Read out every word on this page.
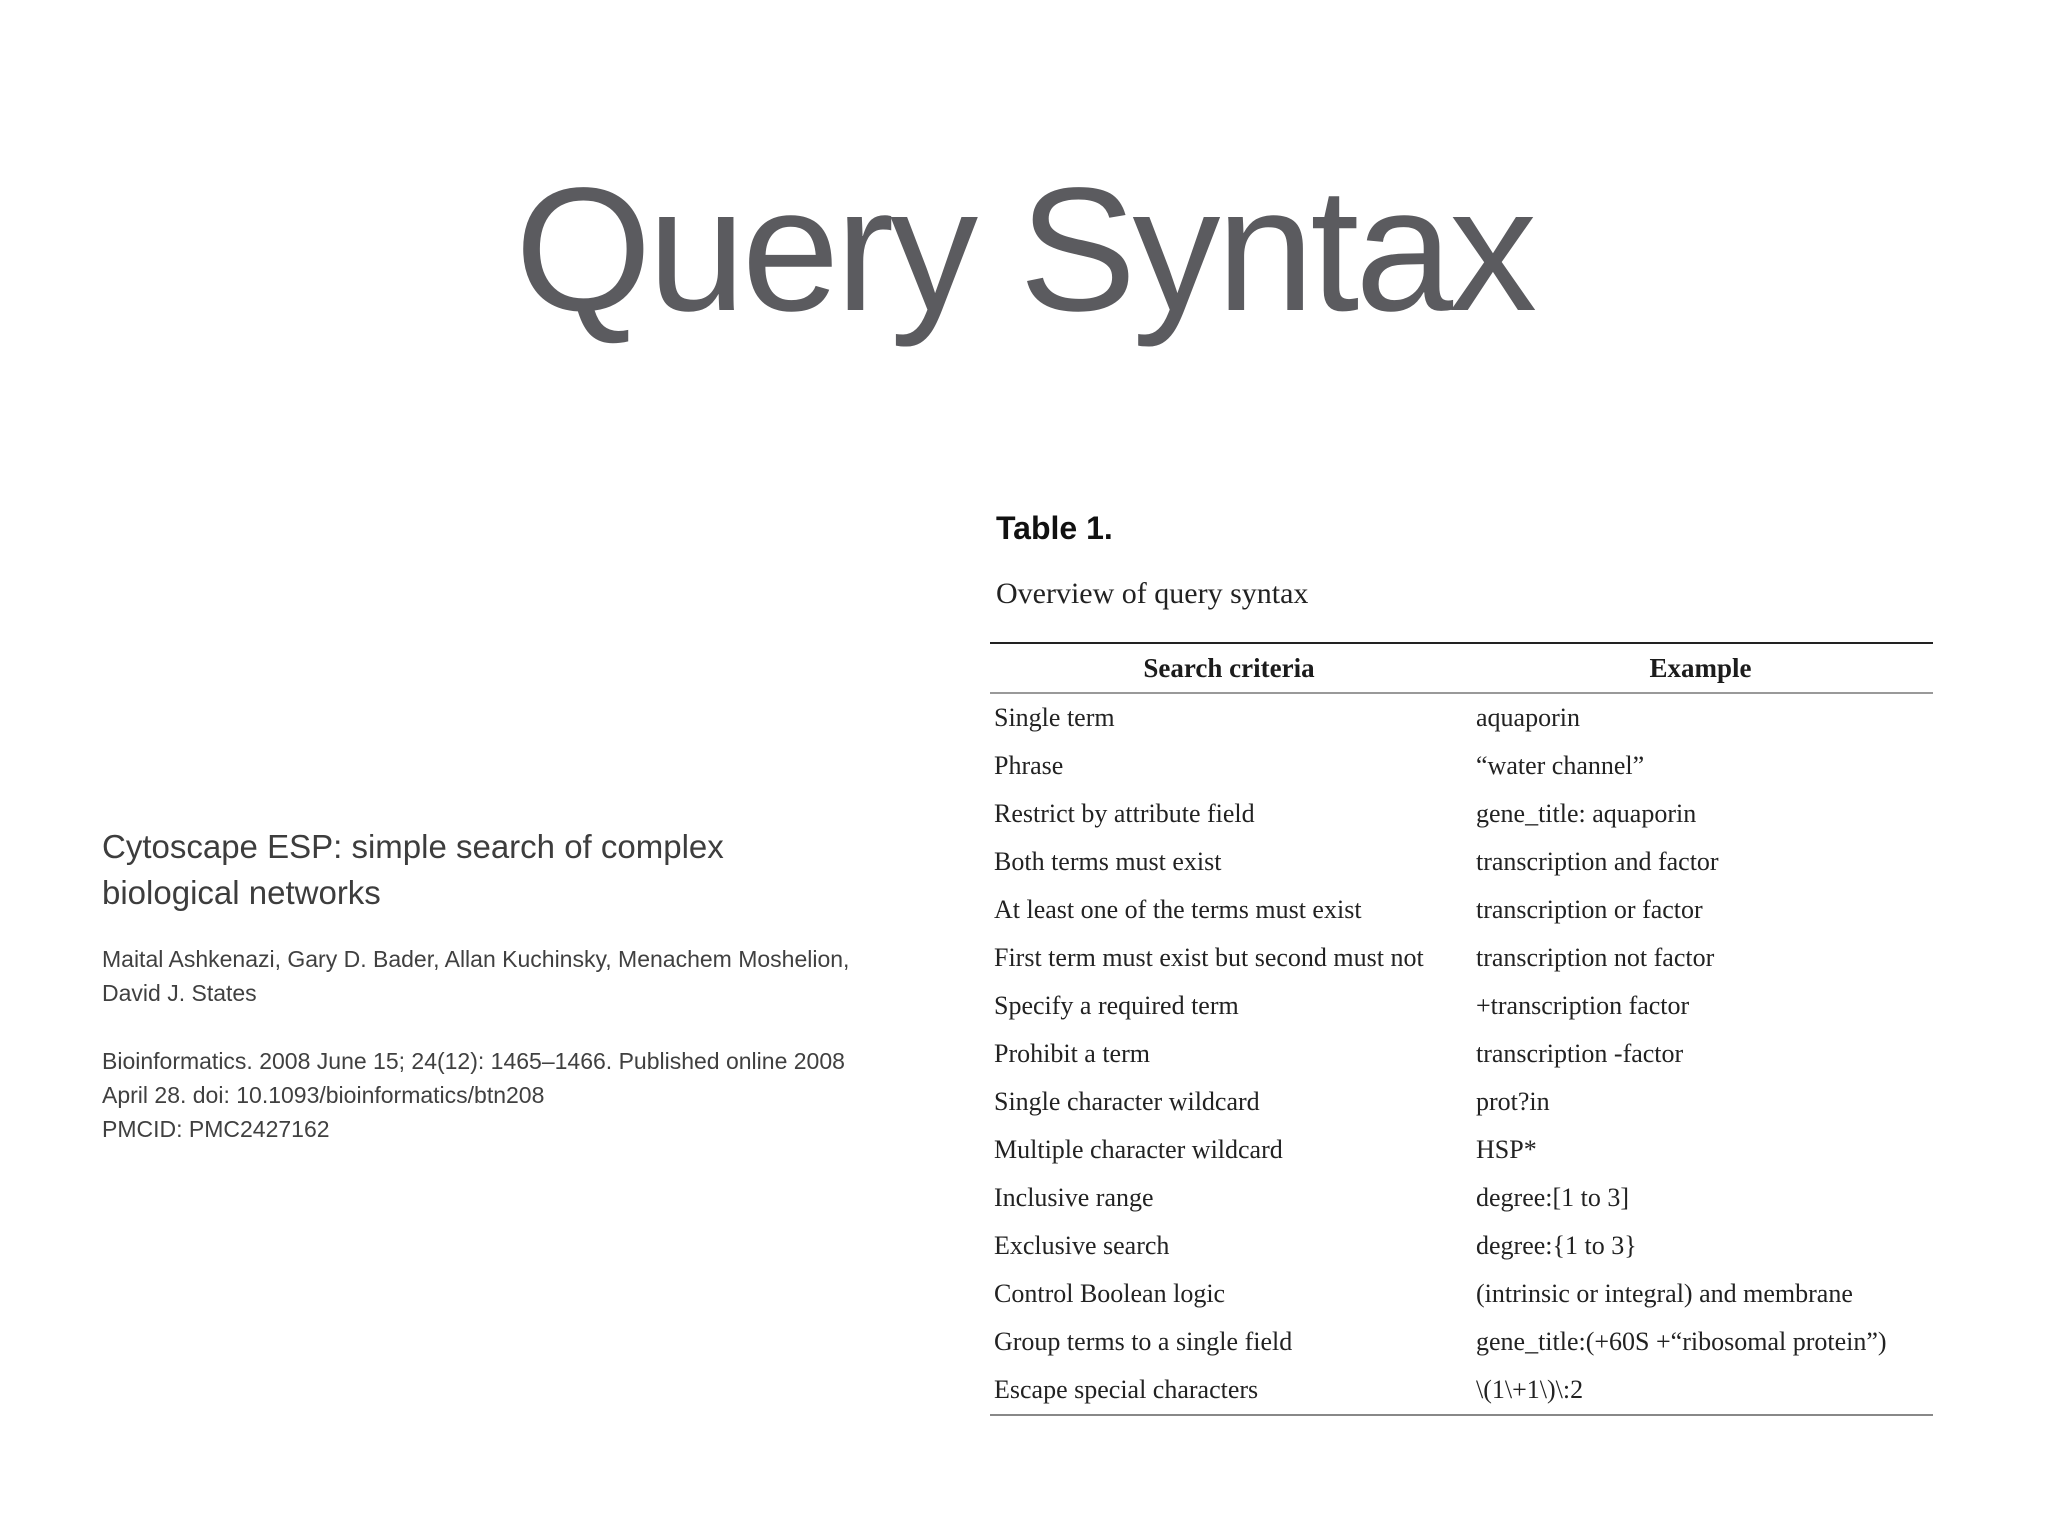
Query Syntax
Cytoscape ESP: simple search of complex
biological networks

Maital Ashkenazi, Gary D. Bader, Allan Kuchinsky, Menachem Moshelion,
David J. States

Bioinformatics. 2008 June 15; 24(12): 1465–1466. Published online 2008
April 28. doi: 10.1093/bioinformatics/btn208
PMCID: PMC2427162

Table 1.
Overview of query syntax
Search criteria	Example
Single term	aquaporin
Phrase	“water channel”
Restrict by attribute field	gene_title: aquaporin
Both terms must exist	transcription and factor
At least one of the terms must exist	transcription or factor
First term must exist but second must not	transcription not factor
Specify a required term	+transcription factor
Prohibit a term	transcription -factor
Single character wildcard	prot?in
Multiple character wildcard	HSP*
Inclusive range	degree:[1 to 3]
Exclusive search	degree:{1 to 3}
Control Boolean logic	(intrinsic or integral) and membrane
Group terms to a single field	gene_title:(+60S +“ribosomal protein”)
Escape special characters	\(1\+1\)\:2
